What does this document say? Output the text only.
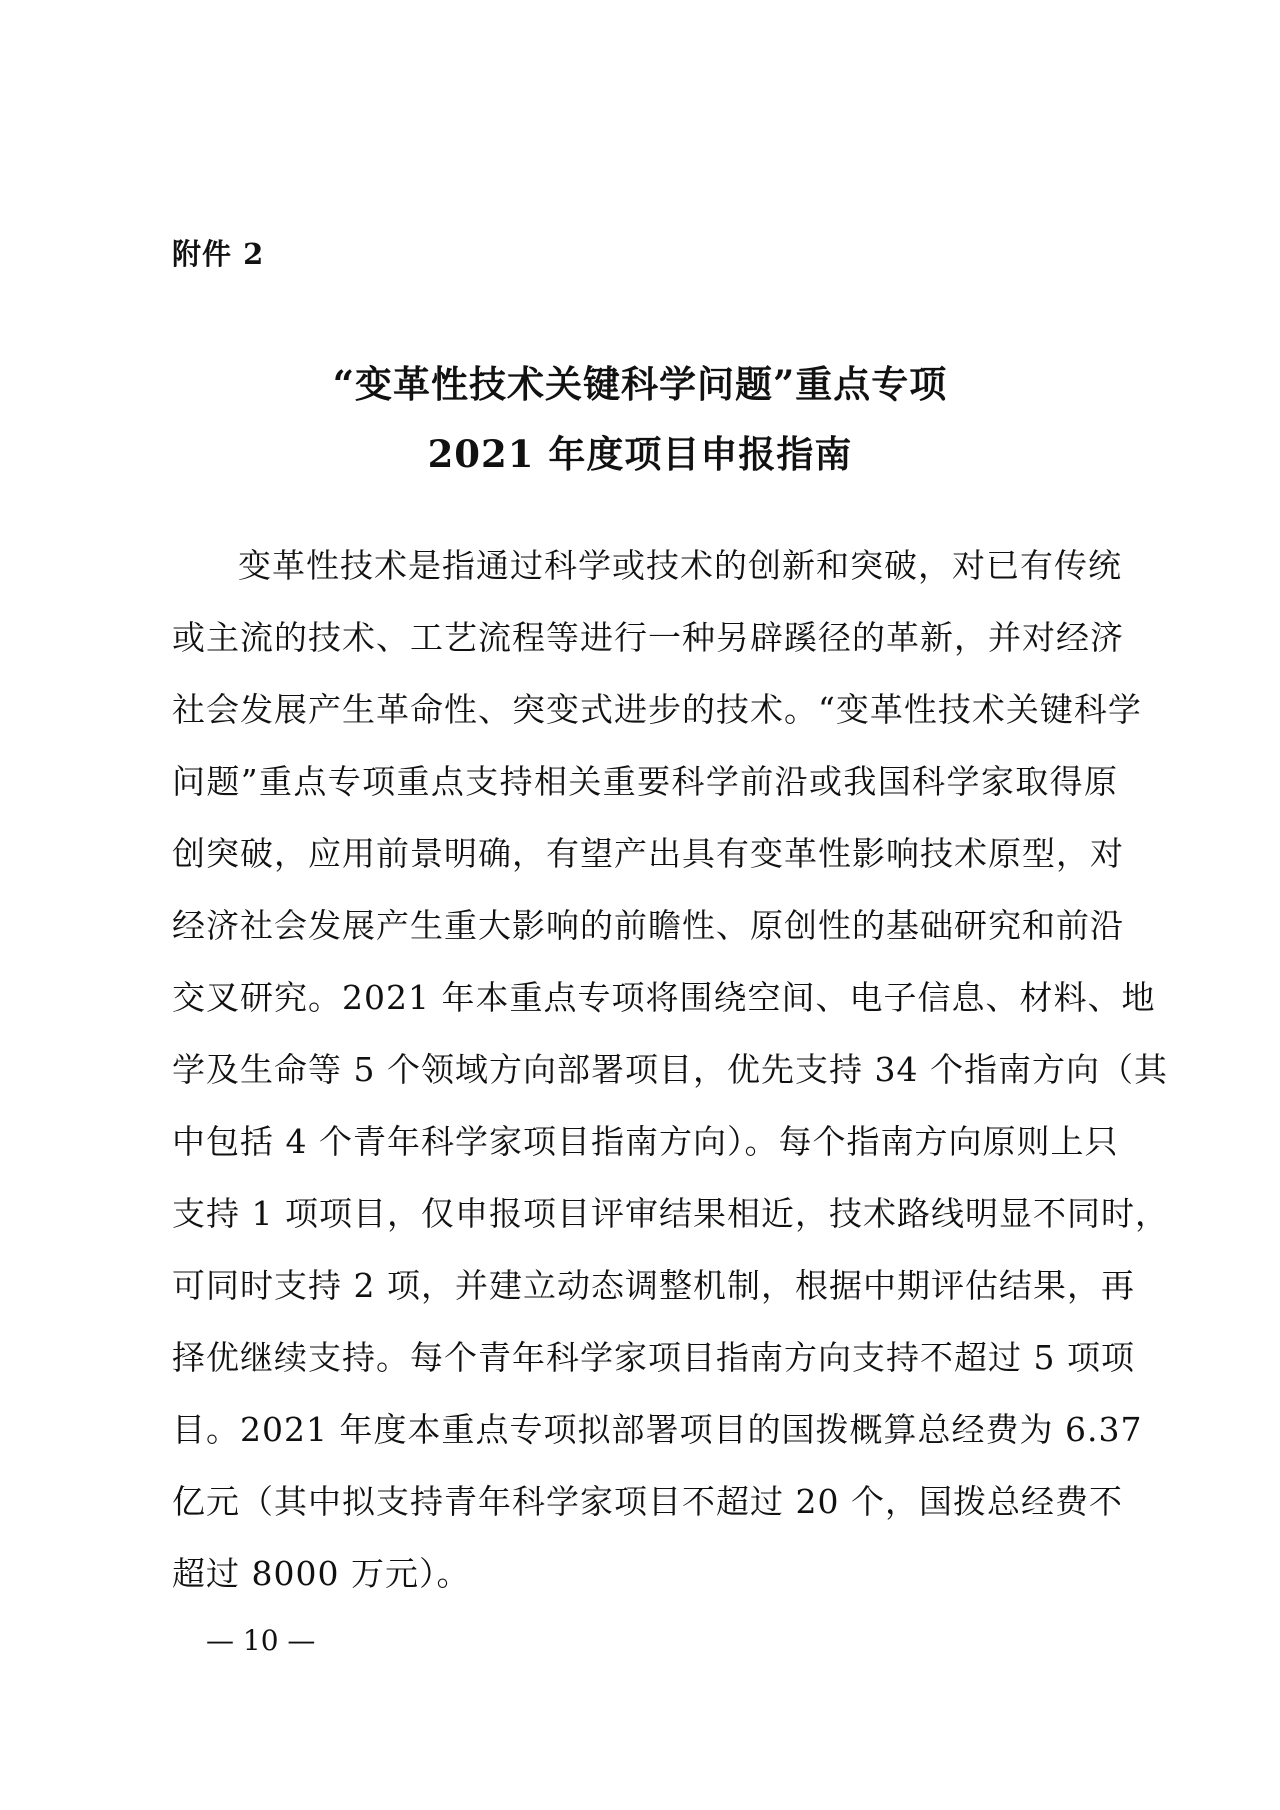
附件 2
“变革性技术关键科学问题”重点专项
2021 年度项目申报指南

变革性技术是指通过科学或技术的创新和突破，对已有传统
或主流的技术、工艺流程等进行一种另辟蹊径的革新，并对经济
社会发展产生革命性、突变式进步的技术。“变革性技术关键科学
问题”重点专项重点支持相关重要科学前沿或我国科学家取得原
创突破，应用前景明确，有望产出具有变革性影响技术原型，对
经济社会发展产生重大影响的前瞻性、原创性的基础研究和前沿
交叉研究。2021 年本重点专项将围绕空间、电子信息、材料、地
学及生命等 5 个领域方向部署项目，优先支持 34 个指南方向（其
中包括 4 个青年科学家项目指南方向）。每个指南方向原则上只
支持 1 项项目，仅申报项目评审结果相近，技术路线明显不同时，
可同时支持 2 项，并建立动态调整机制，根据中期评估结果，再
择优继续支持。每个青年科学家项目指南方向支持不超过 5 项项
目。2021 年度本重点专项拟部署项目的国拨概算总经费为 6.37
亿元（其中拟支持青年科学家项目不超过 20 个，国拨总经费不
超过 8000 万元）。

— 10 —
